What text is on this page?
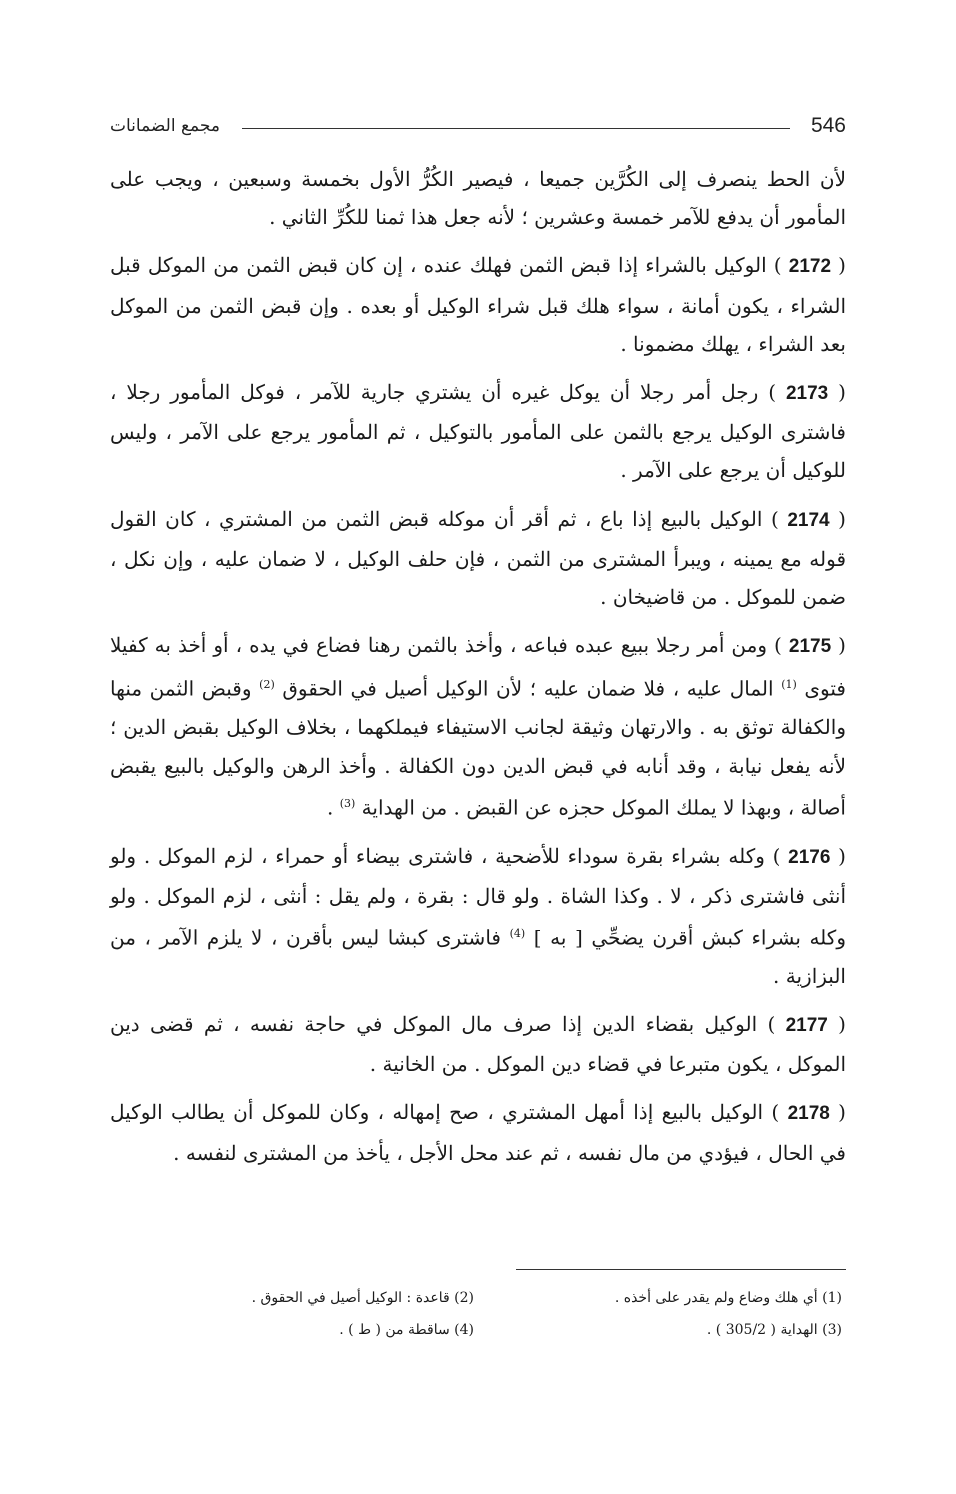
546
مجمع الضمانات

لأن الحط ينصرف إلى الكُرَّين جميعا ، فيصير الكُرُّ الأول بخمسة وسبعين ، ويجب على المأمور أن يدفع للآمر خمسة وعشرين ؛ لأنه جعل هذا ثمنا للكُرِّ الثاني .

( 2172 ) الوكيل بالشراء إذا قبض الثمن فهلك عنده ، إن كان قبض الثمن من الموكل قبل الشراء ، يكون أمانة ، سواء هلك قبل شراء الوكيل أو بعده . وإن قبض الثمن من الموكل بعد الشراء ، يهلك مضمونا .

( 2173 ) رجل أمر رجلا أن يوكل غيره أن يشتري جارية للآمر ، فوكل المأمور رجلا ، فاشترى الوكيل يرجع بالثمن على المأمور بالتوكيل ، ثم المأمور يرجع على الآمر ، وليس للوكيل أن يرجع على الآمر .

( 2174 ) الوكيل بالبيع إذا باع ، ثم أقر أن موكله قبض الثمن من المشتري ، كان القول قوله مع يمينه ، ويبرأ المشترى من الثمن ، فإن حلف الوكيل ، لا ضمان عليه ، وإن نكل ، ضمن للموكل . من قاضيخان .

( 2175 ) ومن أمر رجلا ببيع عبده فباعه ، وأخذ بالثمن رهنا فضاع في يده ، أو أخذ به كفيلا فتوى $^{(1)}$ المال عليه ، فلا ضمان عليه ؛ لأن الوكيل أصيل في الحقوق $^{(2)}$ وقبض الثمن منها والكفالة توثق به . والارتهان وثيقة لجانب الاستيفاء فيملكهما ، بخلاف الوكيل بقبض الدين ؛ لأنه يفعل نيابة ، وقد أنابه في قبض الدين دون الكفالة . وأخذ الرهن والوكيل بالبيع يقبض أصالة ، وبهذا لا يملك الموكل حجزه عن القبض . من الهداية $^{(3)}$ .

( 2176 ) وكله بشراء بقرة سوداء للأضحية ، فاشترى بيضاء أو حمراء ، لزم الموكل . ولو أنثى فاشترى ذكر ، لا . وكذا الشاة . ولو قال : بقرة ، ولم يقل : أنثى ، لزم الموكل . ولو وكله بشراء كبش أقرن يضحِّي [ به ] $^{(4)}$ فاشترى كبشا ليس بأقرن ، لا يلزم الآمر ، من البزازية .

( 2177 ) الوكيل بقضاء الدين إذا صرف مال الموكل في حاجة نفسه ، ثم قضى دين الموكل ، يكون متبرعا في قضاء دين الموكل . من الخانية .

( 2178 ) الوكيل بالبيع إذا أمهل المشتري ، صح إمهاله ، وكان للموكل أن يطالب الوكيل في الحال ، فيؤدي من مال نفسه ، ثم عند محل الأجل ، يأخذ من المشترى لنفسه .

(1) أي هلك وضاع ولم يقدر على أخذه .
(2) قاعدة : الوكيل أصيل في الحقوق .
(3) الهداية ( 305/2 ) .
(4) ساقطة من ( ط ) .
